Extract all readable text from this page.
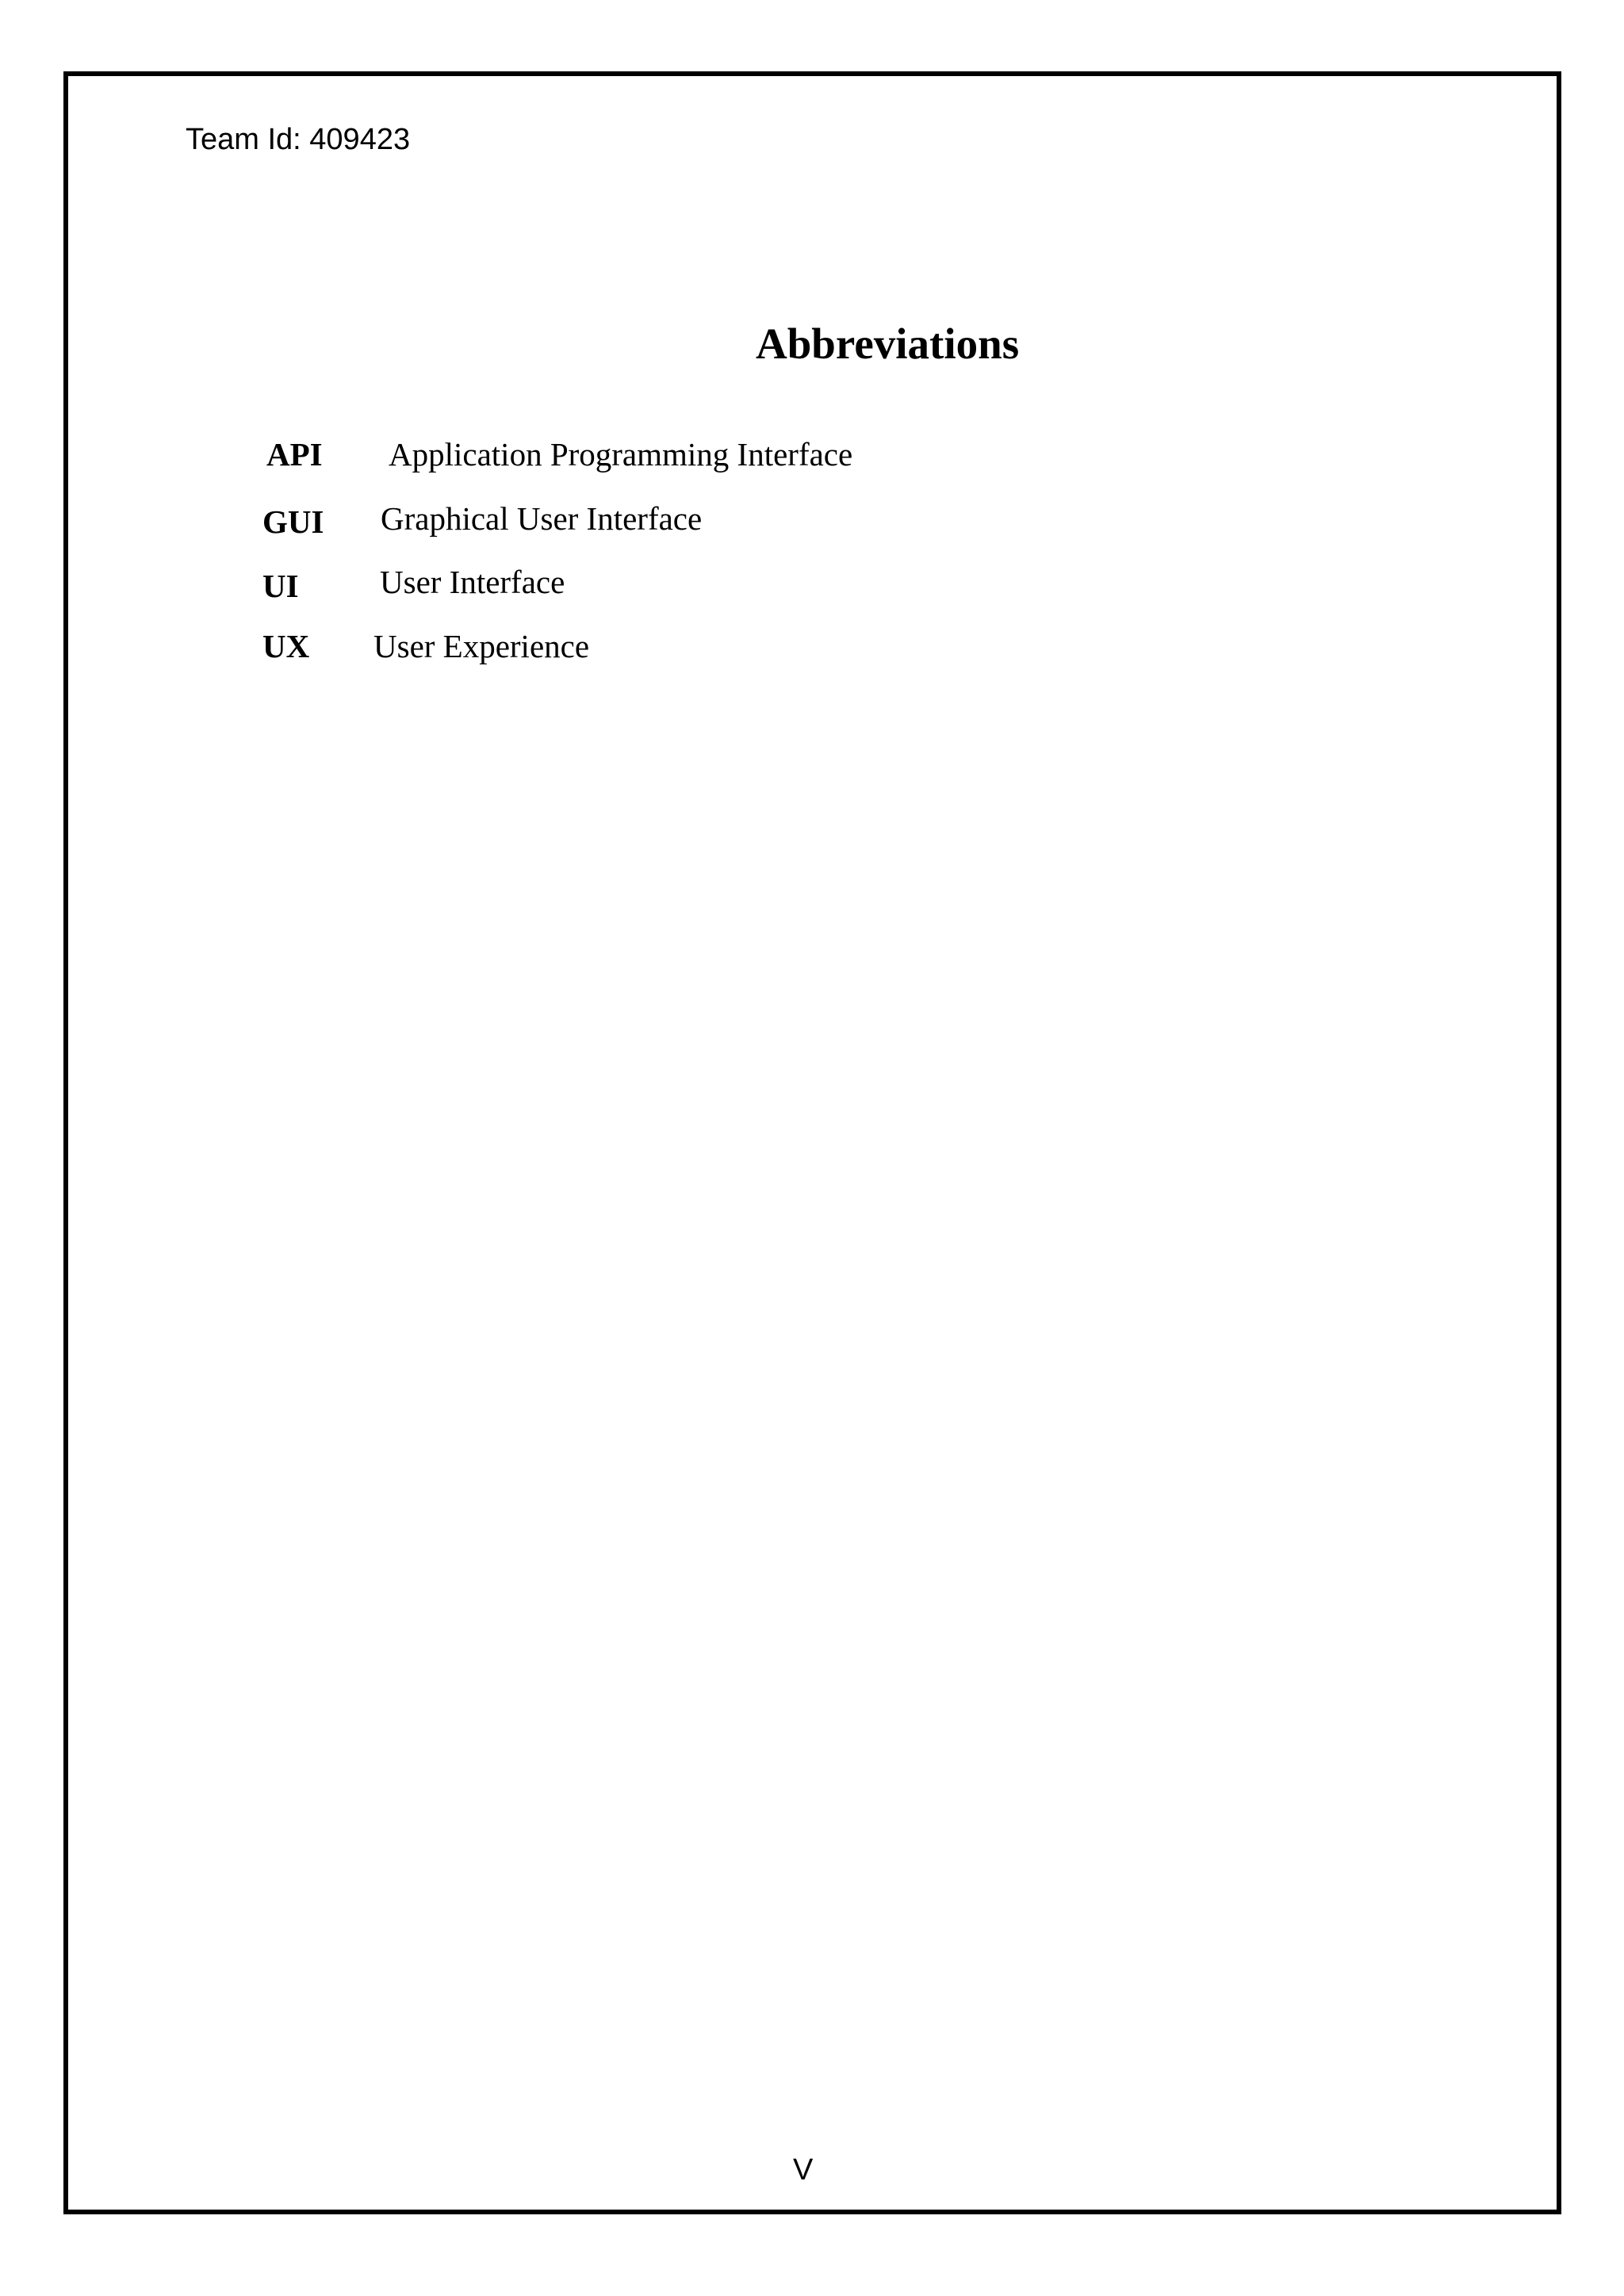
Team Id: 409423
Abbreviations
API Application Programming Interface
GUI Graphical User Interface
UI User Interface
UX User Experience
V
